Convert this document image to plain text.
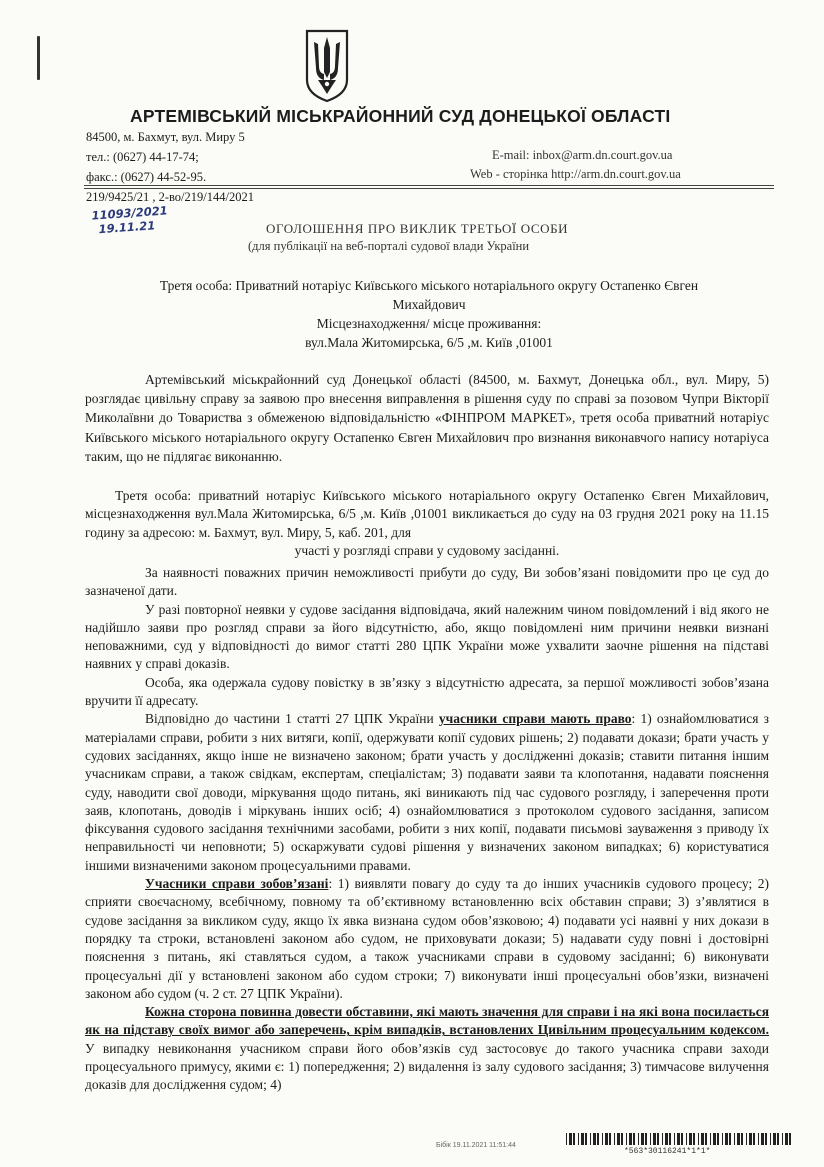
АРТЕМІВСЬКИЙ МІСЬКРАЙОННИЙ СУД ДОНЕЦЬКОЇ ОБЛАСТІ
84500, м. Бахмут, вул. Миру 5
тел.: (0627) 44-17-74;	E-mail: inbox@arm.dn.court.gov.ua
факс.: (0627) 44-52-95.	Web - сторінка http://arm.dn.court.gov.ua
219/9425/21 , 2-во/219/144/2021
11093/2021
19.11.21	ОГОЛОШЕННЯ ПРО ВИКЛИК ТРЕТЬОЇ ОСОБИ
(для публікації на веб-порталі судової влади України
Третя особа: Приватний нотаріус Київського міського нотаріального округу Остапенко Євген
Михайдович
Місцезнаходження/ місце проживання:
вул.Мала Житомирська, 6/5 ,м. Київ ,01001

Артемівський міськрайонний суд Донецької області (84500, м. Бахмут, Донецька обл., вул. Миру, 5) розглядає цивільну справу за заявою про внесення виправлення в рішення суду по справі за позовом Чупри Вікторії Миколаївни до Товариства з обмеженою відповідальністю «ФІНПРОМ МАРКЕТ», третя особа приватний нотаріус Київського міського нотаріального округу Остапенко Євген Михайлович про визнання виконавчого напису нотаріуса таким, що не підлягає виконанню.

Третя особа: приватний нотаріус Київського міського нотаріального округу Остапенко Євген Михайлович, місцезнаходження вул.Мала Житомирська, 6/5 ,м. Київ ,01001 викликається до суду на 03 грудня 2021 року на 11.15 годину за адресою: м. Бахмут, вул. Миру, 5, каб. 201, для

участі у розгляді справи у судовому засіданні.

За наявності поважних причин неможливості прибути до суду, Ви зобов’язані повідомити про це суд до зазначеної дати.

У разі повторної неявки у судове засідання відповідача, який належним чином повідомлений і від якого не надійшло заяви про розгляд справи за його відсутністю, або, якщо повідомлені ним причини неявки визнані неповажними, суд у відповідності до вимог статті 280 ЦПК України може ухвалити заочне рішення на підставі наявних у справі доказів.

Особа, яка одержала судову повістку в зв’язку з відсутністю адресата, за першої можливості зобов’язана вручити її адресату.

Відповідно до частини 1 статті 27 ЦПК України учасники справи мають право: 1) ознайомлюватися з матеріалами справи, робити з них витяги, копії, одержувати копії судових рішень; 2) подавати докази; брати участь у судових засіданнях, якщо інше не визначено законом; брати участь у дослідженні доказів; ставити питання іншим учасникам справи, а також свідкам, експертам, спеціалістам; 3) подавати заяви та клопотання, надавати пояснення суду, наводити свої доводи, міркування щодо питань, які виникають під час судового розгляду, і заперечення проти заяв, клопотань, доводів і міркувань інших осіб; 4) ознайомлюватися з протоколом судового засідання, записом фіксування судового засідання технічними засобами, робити з них копії, подавати письмові зауваження з приводу їх неправильності чи неповноти; 5) оскаржувати судові рішення у визначених законом випадках; 6) користуватися іншими визначеними законом процесуальними правами.

Учасники справи зобов’язані: 1) виявляти повагу до суду та до інших учасників судового процесу; 2) сприяти своєчасному, всебічному, повному та об’єктивному встановленню всіх обставин справи; 3) з’являтися в судове засідання за викликом суду, якщо їх явка визнана судом обов’язковою; 4) подавати усі наявні у них докази в порядку та строки, встановлені законом або судом, не приховувати докази; 5) надавати суду повні і достовірні пояснення з питань, які ставляться судом, а також учасниками справи в судовому засіданні; 6) виконувати процесуальні дії у встановлені законом або судом строки; 7) виконувати інші процесуальні обов’язки, визначені законом або судом (ч. 2 ст. 27 ЦПК України).

Кожна сторона повинна довести обставини, які мають значення для справи і на які вона посилається як на підставу своїх вимог або заперечень, крім випадків, встановлених Цивільним процесуальним кодексом. У випадку невиконання учасником справи його обов’язків суд застосовує до такого учасника справи заходи процесуального примусу, якими є: 1) попередження; 2) видалення із залу судового засідання; 3) тимчасове вилучення доказів для дослідження судом; 4)

Бібік 19.11.2021 11:51:44
*563*30116241*1*1*
